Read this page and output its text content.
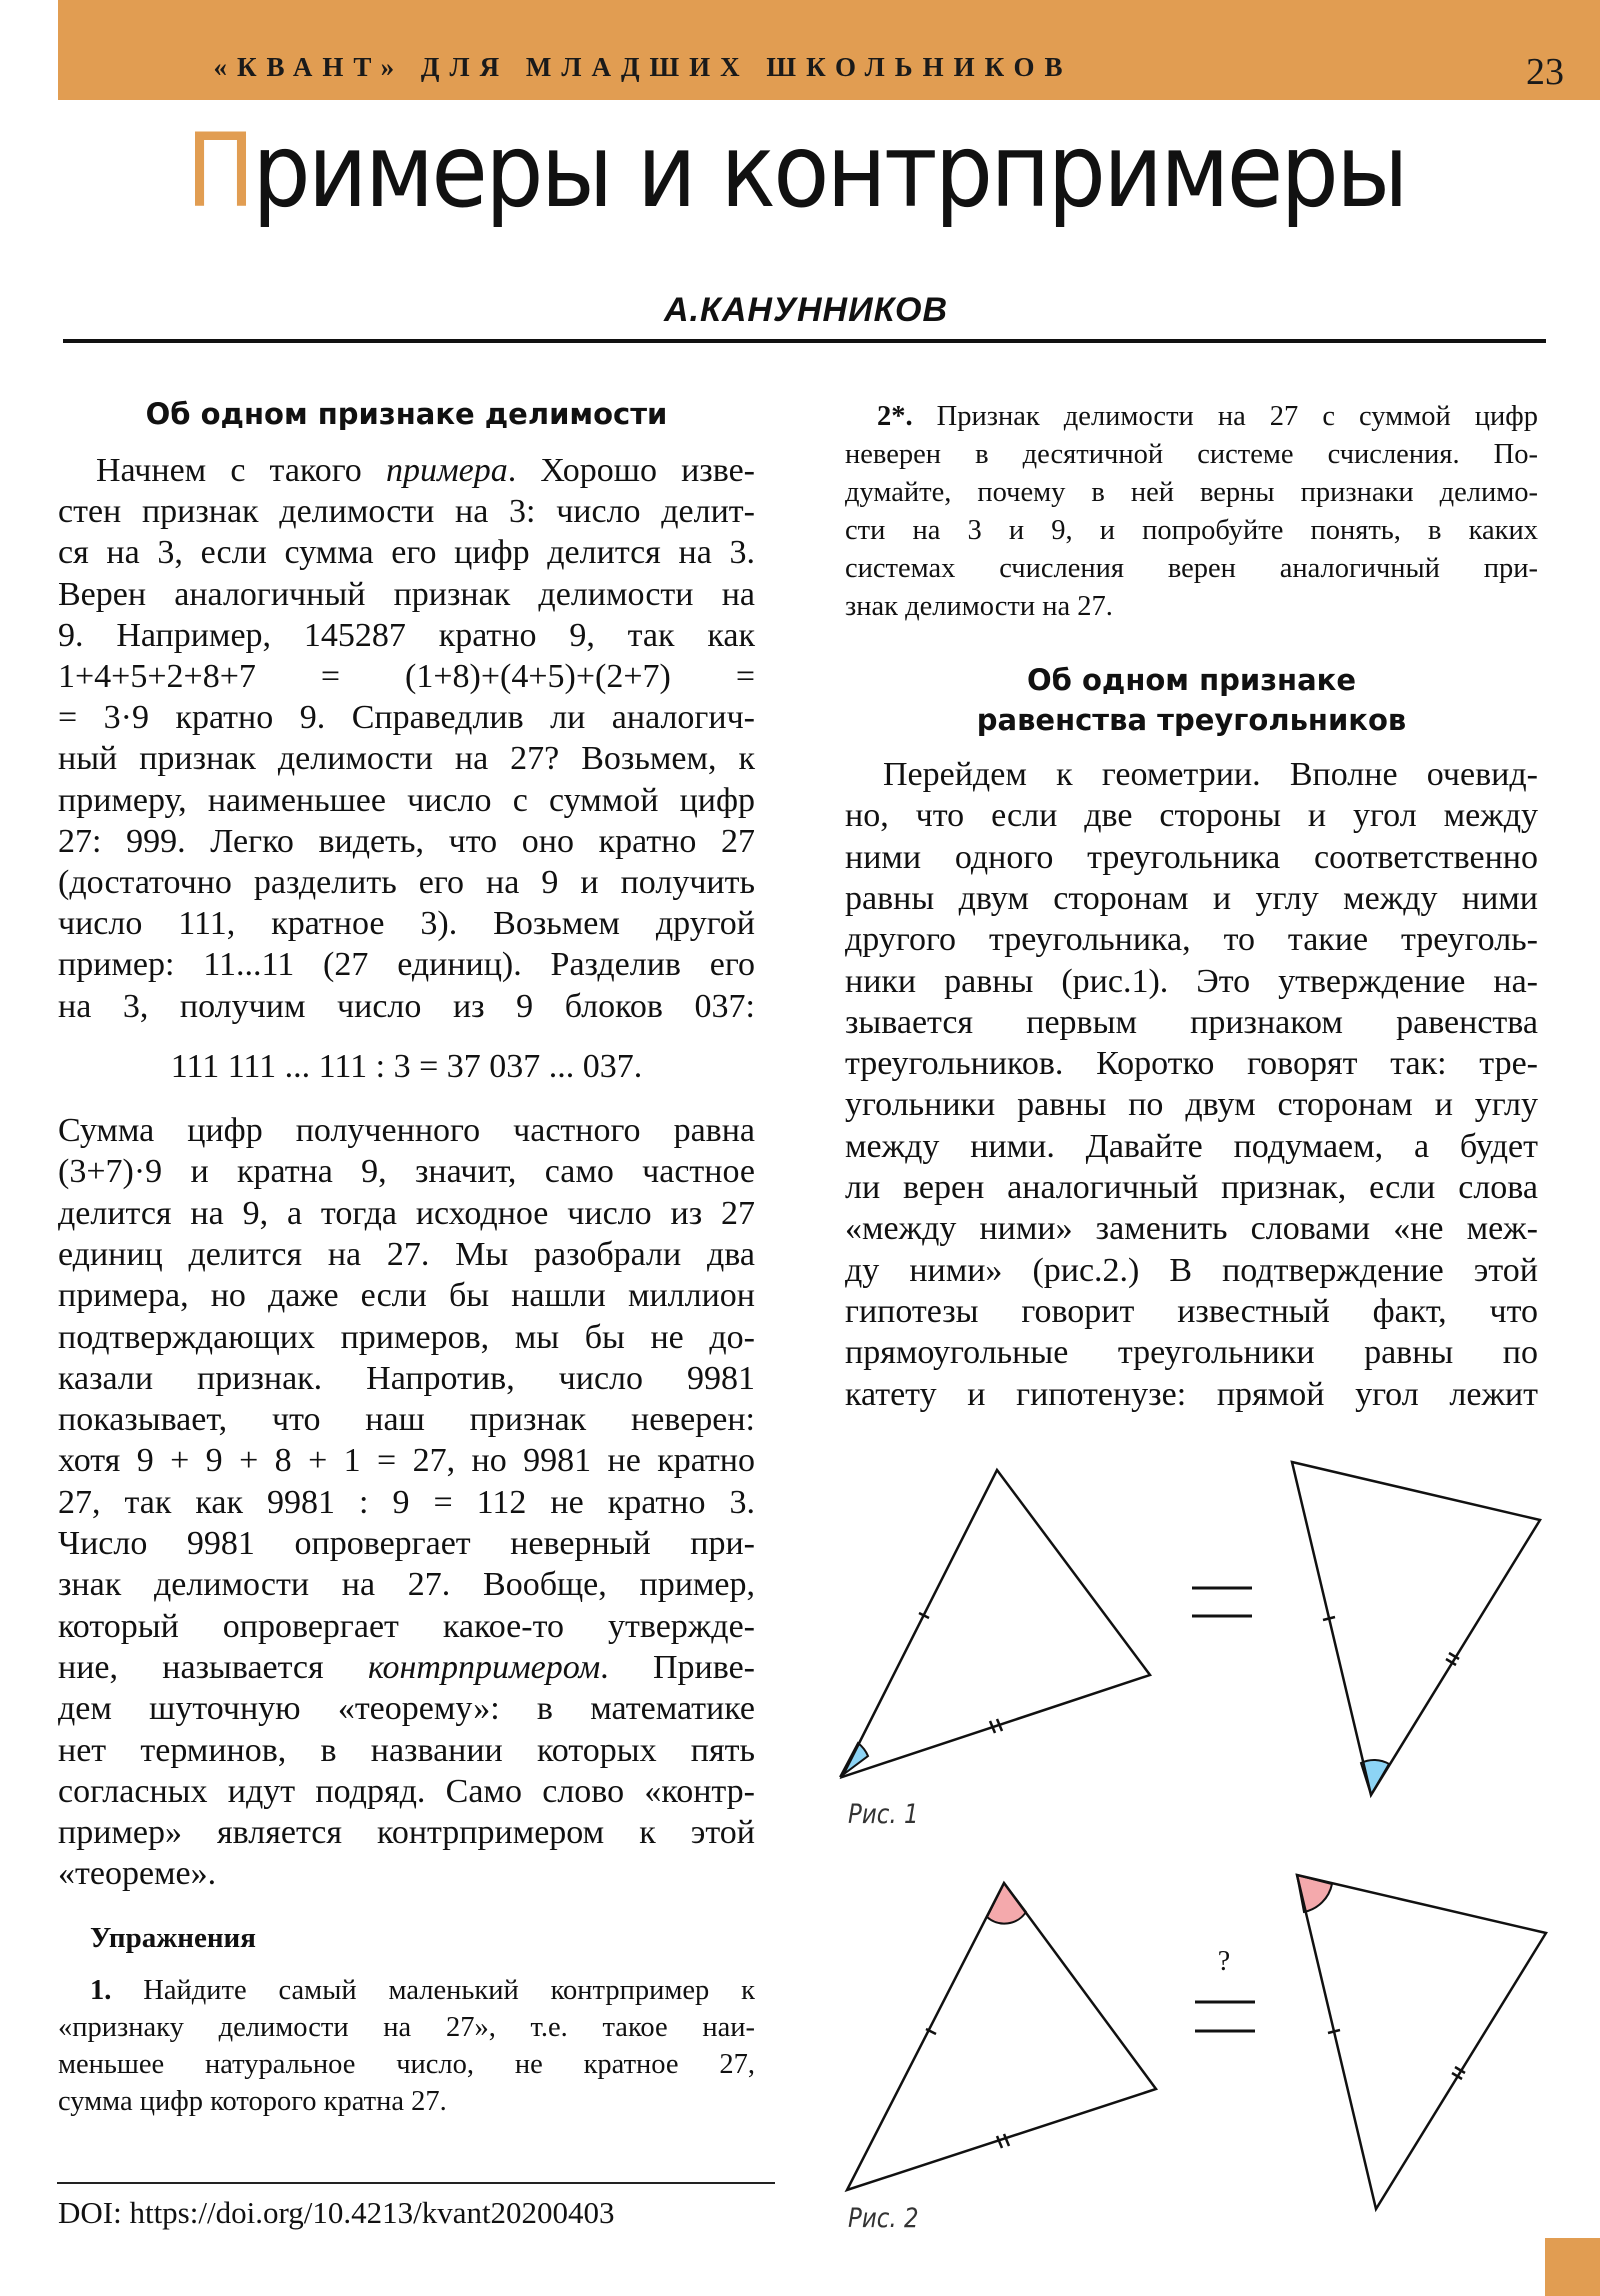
«КВАНТ» ДЛЯ МЛАДШИХ ШКОЛЬНИКОВ	23
Примеры и контрпримеры
А.КАНУННИКОВ
Об одном признаке делимости
Начнем с такого примера. Хорошо изве-
стен признак делимости на 3: число делит-
ся на 3, если сумма его цифр делится на 3.
Верен аналогичный признак делимости на
9. Например, 145287 кратно 9, так как
1+4+5+2+8+7 = (1+8)+(4+5)+(2+7) =
= 3·9 кратно 9. Справедлив ли аналогич-
ный признак делимости на 27? Возьмем, к
примеру, наименьшее число с суммой цифр
27: 999. Легко видеть, что оно кратно 27
(достаточно разделить его на 9 и получить
число 111, кратное 3). Возьмем другой
пример: 11...11 (27 единиц). Разделив его
на 3, получим число из 9 блоков 037:
111 111 ... 111 : 3 = 37 037 ... 037.
Сумма цифр полученного частного равна
(3+7)·9 и кратна 9, значит, само частное
делится на 9, а тогда исходное число из 27
единиц делится на 27. Мы разобрали два
примера, но даже если бы нашли миллион
подтверждающих примеров, мы бы не до-
казали признак. Напротив, число 9981
показывает, что наш признак неверен:
хотя 9 + 9 + 8 + 1 = 27, но 9981 не кратно
27, так как 9981 : 9 = 112 не кратно 3.
Число 9981 опровергает неверный при-
знак делимости на 27. Вообще, пример,
который опровергает какое-то утвержде-
ние, называется контрпримером. Приве-
дем шуточную «теорему»: в математике
нет терминов, в названии которых пять
согласных идут подряд. Само слово «контр-
пример» является контрпримером к этой
«теореме».
Упражнения
1. Найдите самый маленький контрпример к
«признаку делимости на 27», т.е. такое наи-
меньшее натуральное число, не кратное 27,
сумма цифр которого кратна 27.
DOI: https://doi.org/10.4213/kvant20200403
2*. Признак делимости на 27 с суммой цифр
неверен в десятичной системе счисления. По-
думайте, почему в ней верны признаки делимо-
сти на 3 и 9, и попробуйте понять, в каких
системах счисления верен аналогичный при-
знак делимости на 27.
Об одном признаке
равенства треугольников
Перейдем к геометрии. Вполне очевид-
но, что если две стороны и угол между
ними одного треугольника соответственно
равны двум сторонам и углу между ними
другого треугольника, то такие треуголь-
ники равны (рис.1). Это утверждение на-
зывается первым признаком равенства
треугольников. Коротко говорят так: тре-
угольники равны по двум сторонам и углу
между ними. Давайте подумаем, а будет
ли верен аналогичный признак, если слова
«между ними» заменить словами «не меж-
ду ними» (рис.2.) В подтверждение этой
гипотезы говорит известный факт, что
прямоугольные треугольники равны по
катету и гипотенузе: прямой угол лежит
Рис. 1
?
Рис. 2
